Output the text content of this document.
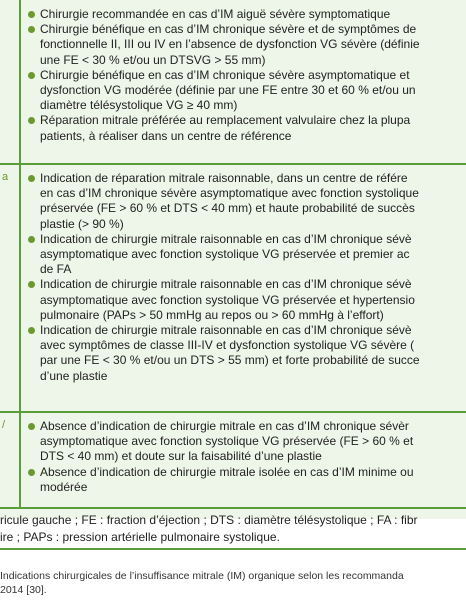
Chirurgie recommandée en cas d’IM aiguë sévère symptomatique
Chirurgie bénéfique en cas d’IM chronique sévère et de symptômes de
fonctionnelle II, III ou IV en l’absence de dysfonction VG sévère (définie
une FE < 30 % et/ou un DTSVG > 55 mm)
Chirurgie bénéfique en cas d’IM chronique sévère asymptomatique et
dysfonction VG modérée (définie par une FE entre 30 et 60 % et/ou un
diamètre télésystolique VG ≥ 40 mm)
Réparation mitrale préférée au remplacement valvulaire chez la plupa
patients, à réaliser dans un centre de référence
a	Indication de réparation mitrale raisonnable, dans un centre de référe
en cas d’IM chronique sévère asymptomatique avec fonction systolique
préservée (FE > 60 % et DTS < 40 mm) et haute probabilité de succès
plastie (> 90 %)
Indication de chirurgie mitrale raisonnable en cas d’IM chronique sévè
asymptomatique avec fonction systolique VG préservée et premier ac
de FA
Indication de chirurgie mitrale raisonnable en cas d’IM chronique sévè
asymptomatique avec fonction systolique VG préservée et hypertensio
pulmonaire (PAPs > 50 mmHg au repos ou > 60 mmHg à l’effort)
Indication de chirurgie mitrale raisonnable en cas d’IM chronique sévè
avec symptômes de classe III-IV et dysfonction systolique VG sévère (
par une FE < 30 % et/ou un DTS > 55 mm) et forte probabilité de succe
d’une plastie
/	Absence d’indication de chirurgie mitrale en cas d’IM chronique sévèr
asymptomatique avec fonction systolique VG préservée (FE > 60 % et
DTS < 40 mm) et doute sur la faisabilité d’une plastie
Absence d’indication de chirurgie mitrale isolée en cas d’IM minime ou
modérée
ricule gauche ; FE : fraction d’éjection ; DTS : diamètre télésystolique ; FA : fibr
ire ; PAPs : pression artérielle pulmonaire systolique.
Indications chirurgicales de l’insuffisance mitrale (IM) organique selon les recommanda
2014 [30].
